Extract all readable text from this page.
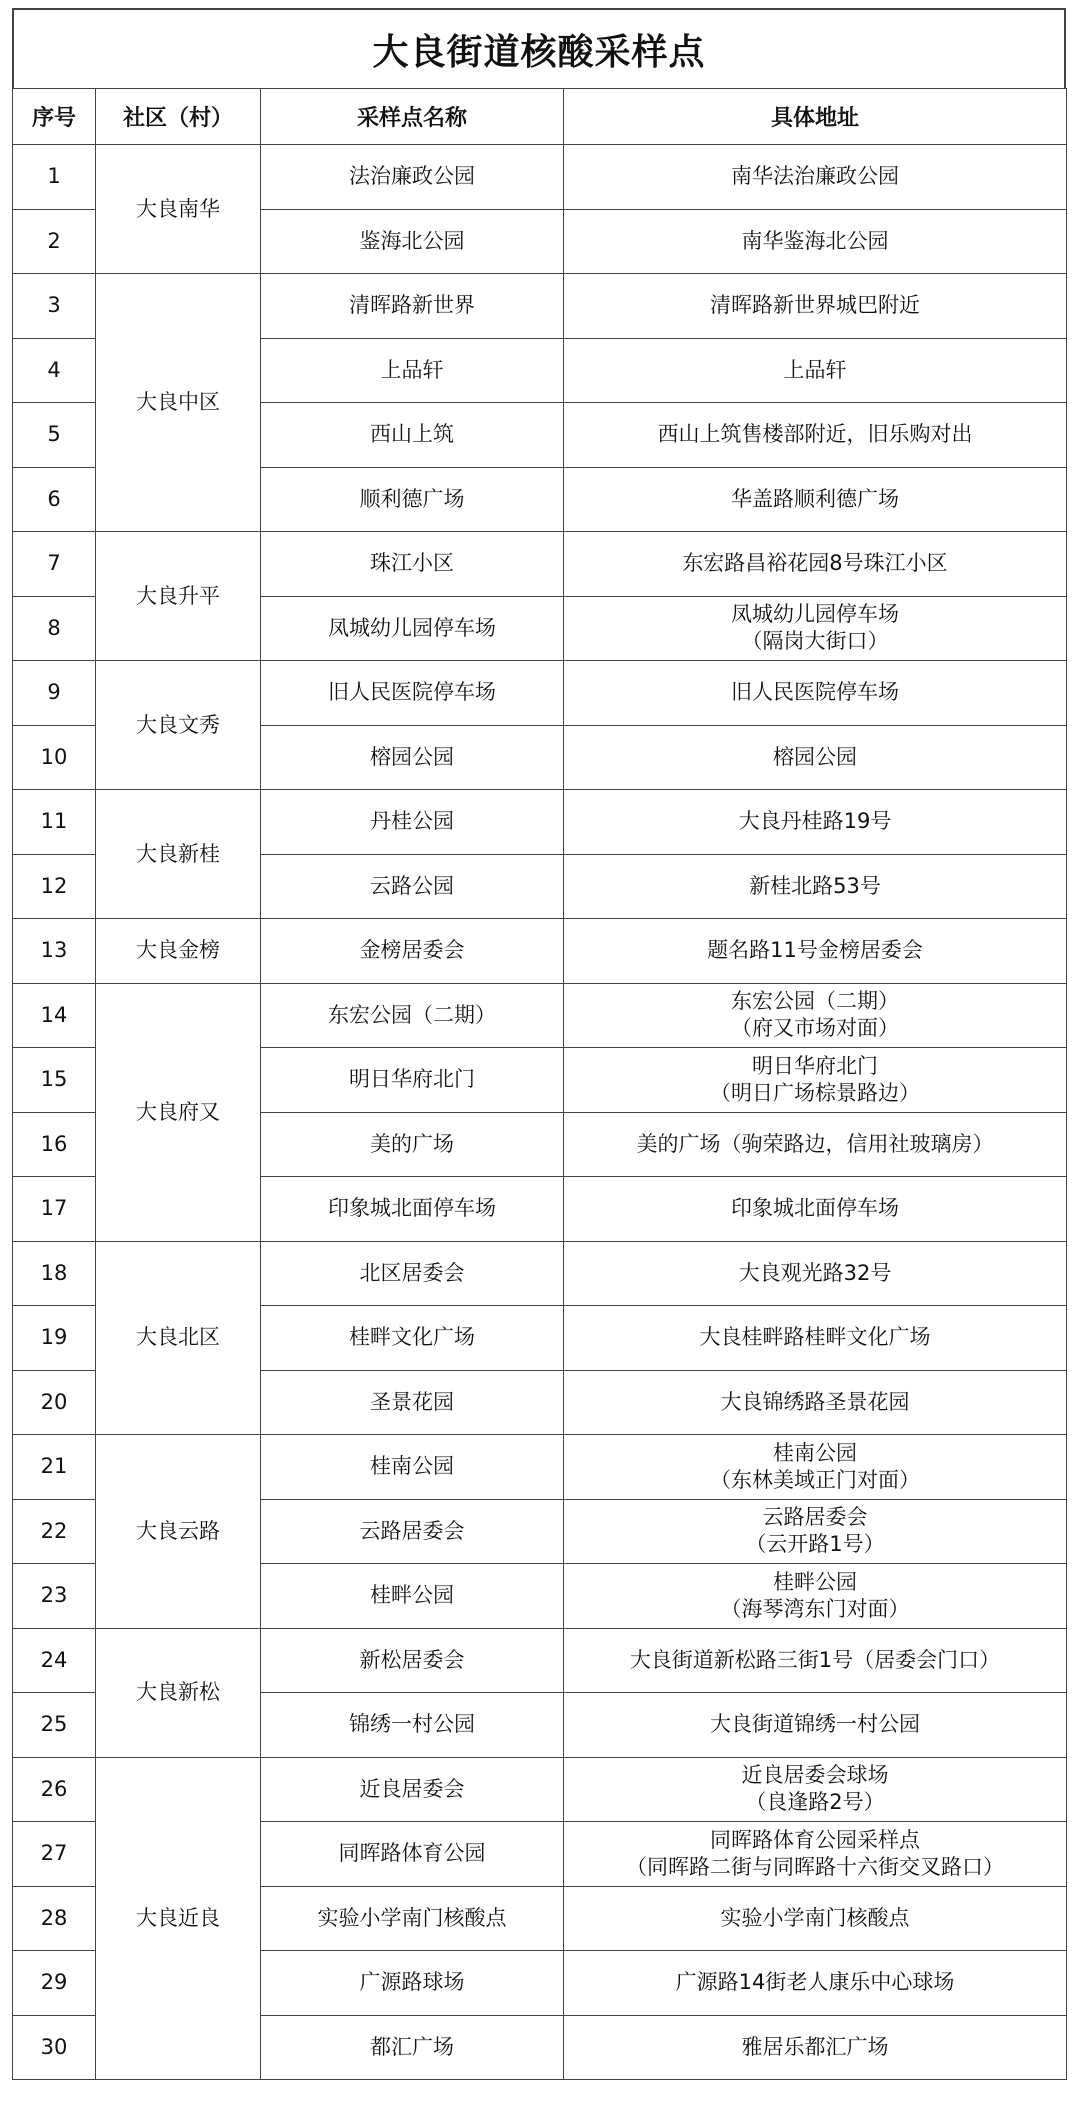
大良街道核酸采样点
序号	社区（村）	采样点名称	具体地址
1	大良南华	法治廉政公园	南华法治廉政公园

2		鉴海北公园	南华鉴海北公园

3	大良中区	清晖路新世界	清晖路新世界城巴附近

4		上品轩	上品轩

5		西山上筑	西山上筑售楼部附近，旧乐购对出

6		顺利德广场	华盖路顺利德广场

7	大良升平	珠江小区	东宏路昌裕花园8号珠江小区

8		凤城幼儿园停车场	凤城幼儿园停车场
（隔岗大街口）

9	大良文秀	旧人民医院停车场	旧人民医院停车场

10		榕园公园	榕园公园

11	大良新桂	丹桂公园	大良丹桂路19号

12		云路公园	新桂北路53号

13	大良金榜	金榜居委会	题名路11号金榜居委会

14	大良府又	东宏公园（二期）	东宏公园（二期）
（府又市场对面）

15		明日华府北门	明日华府北门
（明日广场棕景路边）

16		美的广场	美的广场（驹荣路边，信用社玻璃房）

17		印象城北面停车场	印象城北面停车场

18	大良北区	北区居委会	大良观光路32号

19		桂畔文化广场	大良桂畔路桂畔文化广场

20		圣景花园	大良锦绣路圣景花园

21	大良云路	桂南公园	桂南公园
（东林美域正门对面）

22		云路居委会	云路居委会
（云开路1号）

23		桂畔公园	桂畔公园
（海琴湾东门对面）

24	大良新松	新松居委会	大良街道新松路三街1号（居委会门口）

25		锦绣一村公园	大良街道锦绣一村公园

26	大良近良	近良居委会	近良居委会球场
（良逢路2号）

27		同晖路体育公园	同晖路体育公园采样点
（同晖路二街与同晖路十六街交叉路口）

28		实验小学南门核酸点	实验小学南门核酸点

29		广源路球场	广源路14街老人康乐中心球场

30		都汇广场	雅居乐都汇广场
